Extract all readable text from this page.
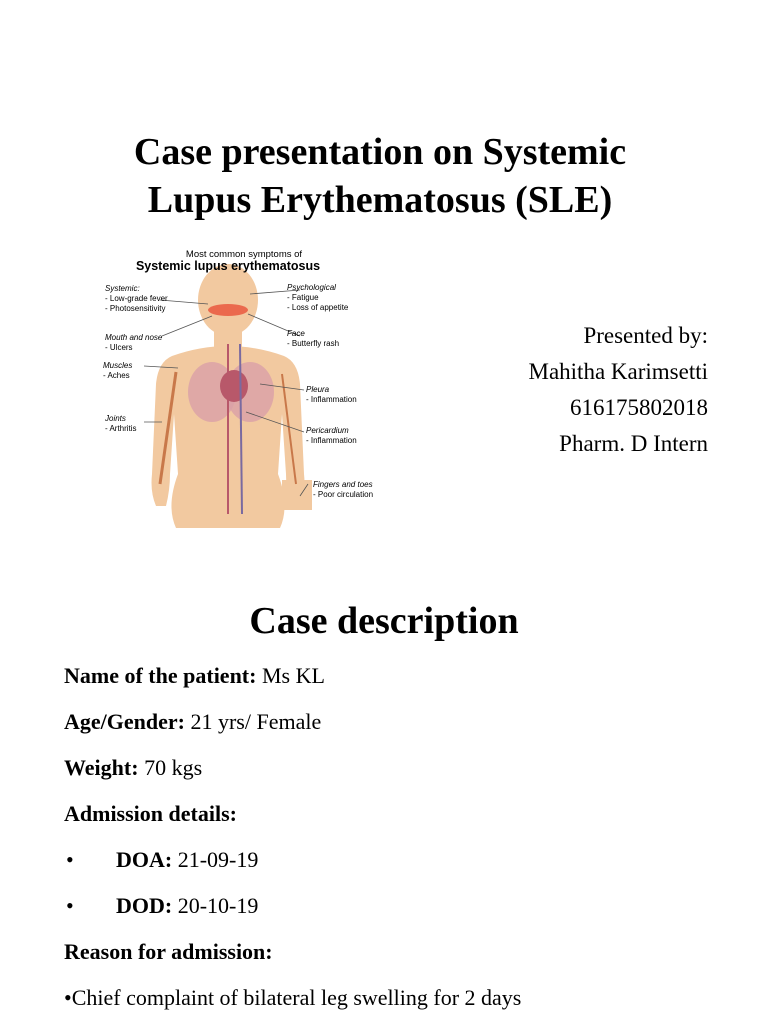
Case presentation on Systemic
Lupus Erythematosus (SLE)
Most common symptoms of
Systemic lupus erythematosus
Systemic:
- Low-grade fever
- Photosensitivity
Mouth and nose
- Ulcers
Muscles
- Aches
Joints
- Arthritis
Psychological
- Fatigue
- Loss of appetite
Face
- Butterfly rash
Pleura
- Inflammation
Pericardium
- Inflammation
Fingers and toes
- Poor circulation
Presented by:
Mahitha Karimsetti
616175802018
Pharm. D Intern
Case description
Name of the patient: Ms KL
Age/Gender: 21 yrs/ Female
Weight: 70 kgs
Admission details:
• DOA: 21-09-19
• DOD: 20-10-19
Reason for admission:
•Chief complaint of bilateral leg swelling for 2 days
